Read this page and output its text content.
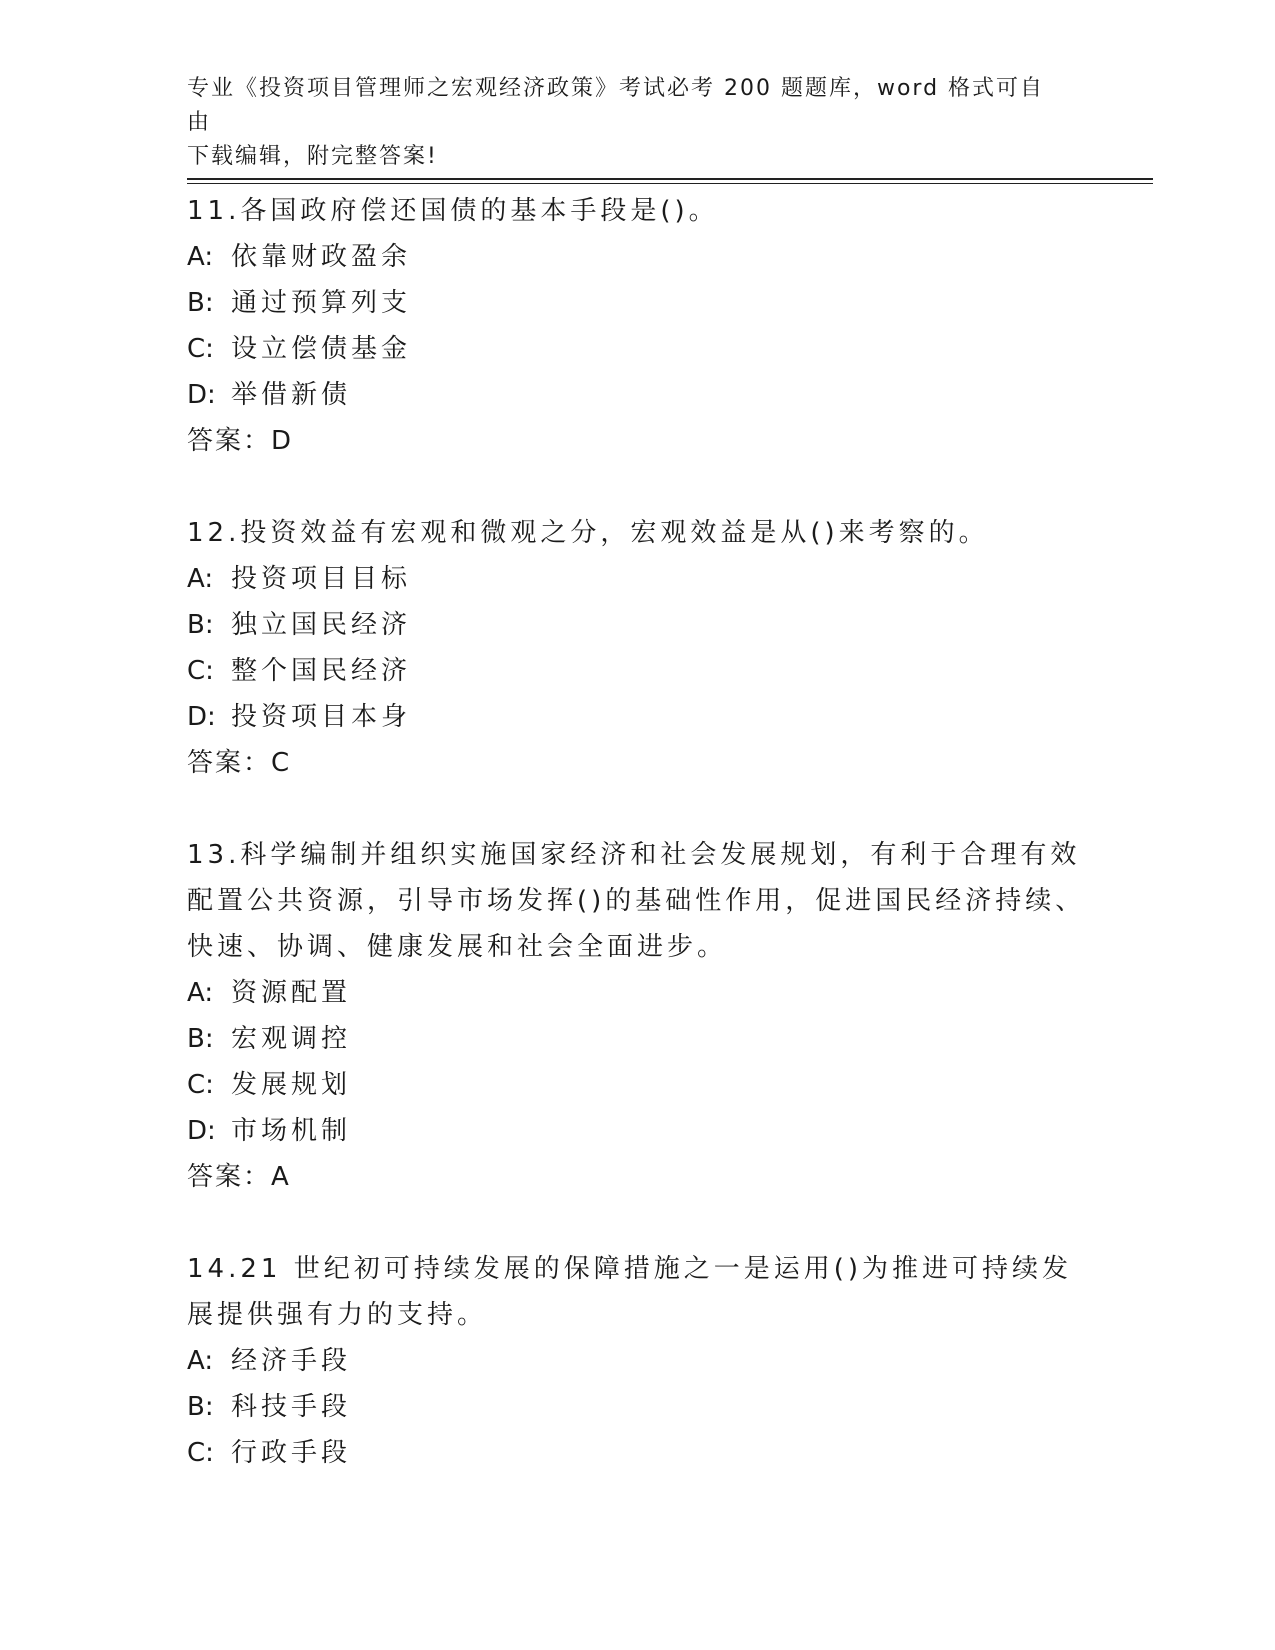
专业《投资项目管理师之宏观经济政策》考试必考 200 题题库，word 格式可自由
下载编辑，附完整答案!

11.各国政府偿还国债的基本手段是()。

A: 依靠财政盈余

B: 通过预算列支

C: 设立偿债基金

D: 举借新债

答案：D

12.投资效益有宏观和微观之分，宏观效益是从()来考察的。

A: 投资项目目标

B: 独立国民经济

C: 整个国民经济

D: 投资项目本身

答案：C

13.科学编制并组织实施国家经济和社会发展规划，有利于合理有效配置公共资源，引导市场发挥()的基础性作用，促进国民经济持续、快速、协调、健康发展和社会全面进步。

A: 资源配置

B: 宏观调控

C: 发展规划

D: 市场机制

答案：A

14.21 世纪初可持续发展的保障措施之一是运用()为推进可持续发展提供强有力的支持。

A: 经济手段

B: 科技手段

C: 行政手段
